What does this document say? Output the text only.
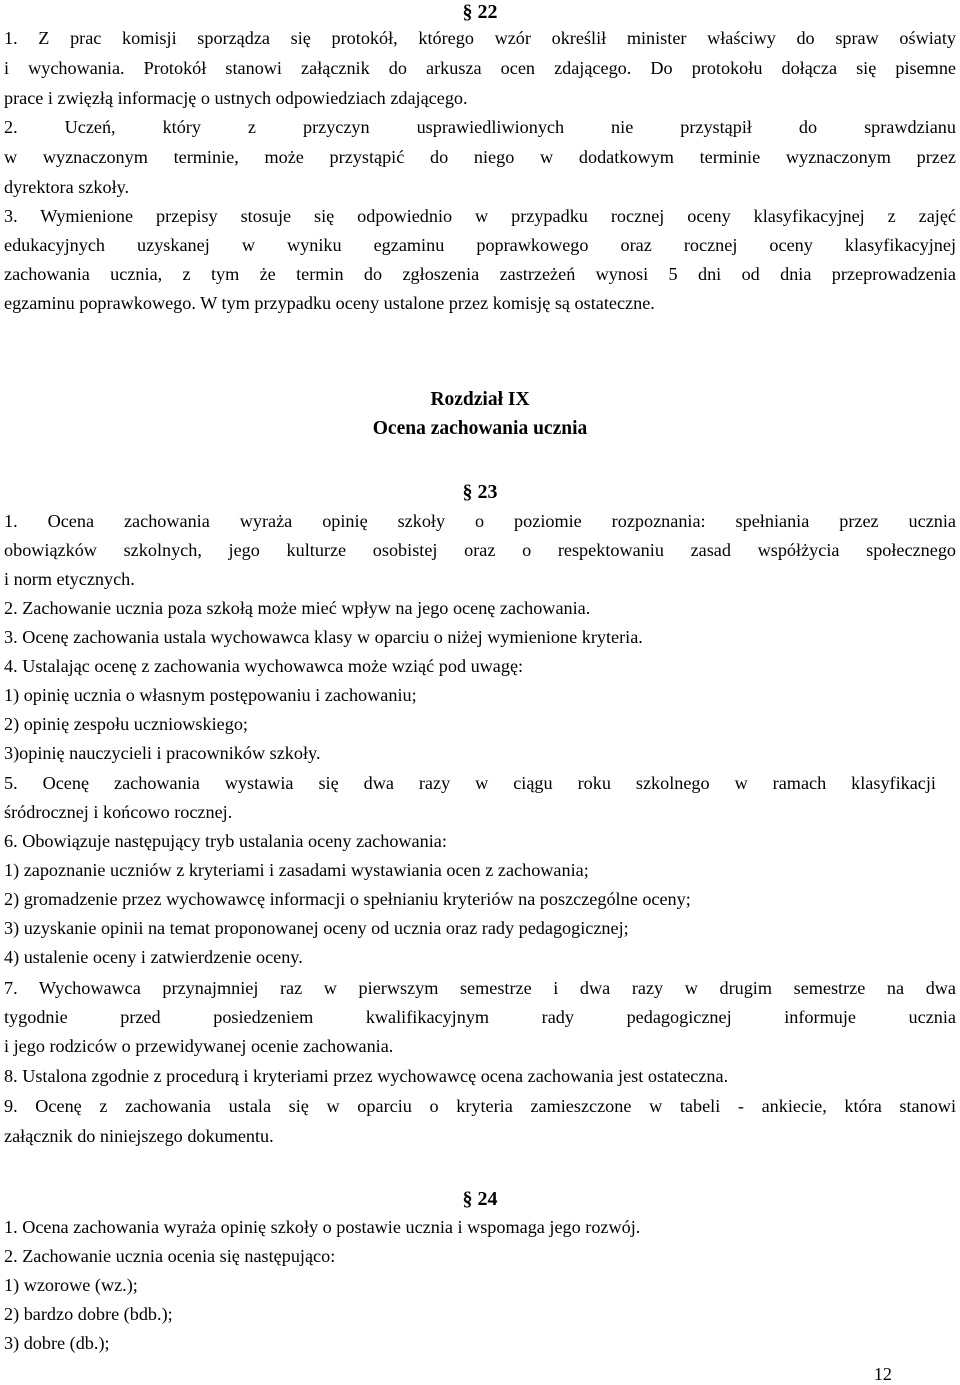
§ 22
1. Z prac komisji sporządza się protokół, którego wzór określił minister właściwy do spraw oświaty
i wychowania. Protokół stanowi załącznik do arkusza ocen zdającego. Do protokołu dołącza się pisemne
prace i zwięzłą informację o ustnych odpowiedziach zdającego.
2. Uczeń, który z przyczyn usprawiedliwionych nie przystąpił do sprawdzianu
w wyznaczonym terminie, może przystąpić do niego w dodatkowym terminie wyznaczonym przez
dyrektora szkoły.
3. Wymienione przepisy stosuje się odpowiednio w przypadku rocznej oceny klasyfikacyjnej z zajęć
edukacyjnych uzyskanej w wyniku egzaminu poprawkowego oraz rocznej oceny klasyfikacyjnej
zachowania ucznia, z tym że termin do zgłoszenia zastrzeżeń wynosi 5 dni od dnia przeprowadzenia
egzaminu poprawkowego. W tym przypadku oceny ustalone przez komisję są ostateczne.
Rozdział IX
Ocena zachowania ucznia
§ 23
1. Ocena zachowania wyraża opinię szkoły o poziomie rozpoznania: spełniania przez ucznia
obowiązków szkolnych, jego kulturze osobistej oraz o respektowaniu zasad współżycia społecznego
i norm etycznych.
2. Zachowanie ucznia poza szkołą może mieć wpływ na jego ocenę zachowania.
3. Ocenę zachowania ustala wychowawca klasy w oparciu o niżej wymienione kryteria.
4. Ustalając ocenę z zachowania wychowawca może wziąć pod uwagę:
1) opinię ucznia o własnym postępowaniu i zachowaniu;
2) opinię zespołu uczniowskiego;
3)opinię nauczycieli i pracowników szkoły.
5. Ocenę zachowania wystawia się dwa razy w ciągu roku szkolnego w ramach klasyfikacji
śródrocznej i końcowo rocznej.
6. Obowiązuje następujący tryb ustalania oceny zachowania:
1) zapoznanie uczniów z kryteriami i zasadami wystawiania ocen z zachowania;
2) gromadzenie przez wychowawcę informacji o spełnianiu kryteriów na poszczególne oceny;
3) uzyskanie opinii na temat proponowanej oceny od ucznia oraz rady pedagogicznej;
4) ustalenie oceny i zatwierdzenie oceny.
7. Wychowawca przynajmniej raz w pierwszym semestrze i dwa razy w drugim semestrze na dwa
tygodnie przed posiedzeniem kwalifikacyjnym rady pedagogicznej informuje ucznia
i jego rodziców o przewidywanej ocenie zachowania.
8. Ustalona zgodnie z procedurą i kryteriami przez wychowawcę ocena zachowania jest ostateczna.
9. Ocenę z zachowania ustala się w oparciu o kryteria zamieszczone w tabeli - ankiecie, która stanowi
załącznik do niniejszego dokumentu.
§ 24
1. Ocena zachowania wyraża opinię szkoły o postawie ucznia i wspomaga jego rozwój.
2. Zachowanie ucznia ocenia się następująco:
1) wzorowe (wz.);
2) bardzo dobre (bdb.);
3) dobre (db.);
12
